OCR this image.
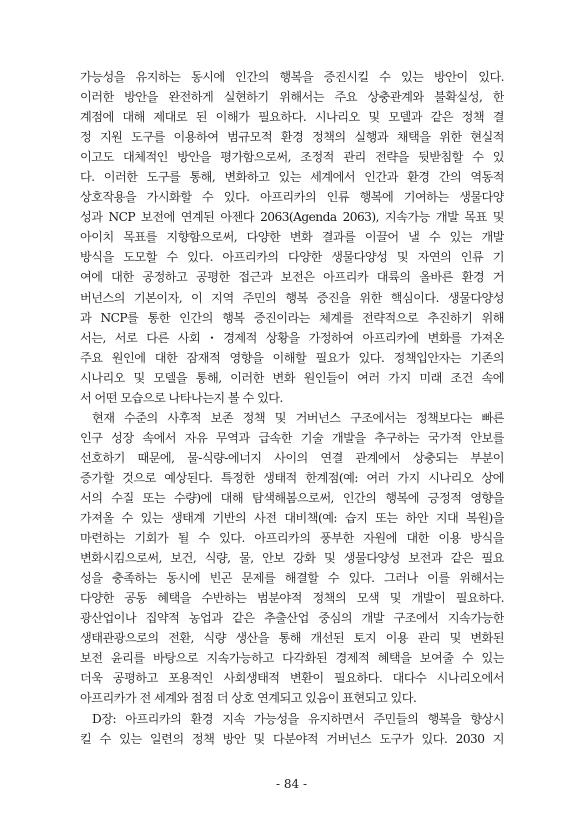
가능성을 유지하는 동시에 인간의 행복을 증진시킬 수 있는 방안이 있다.
이러한 방안을 완전하게 실현하기 위해서는 주요 상충관계와 불확실성, 한
계점에 대해 제대로 된 이해가 필요하다. 시나리오 및 모델과 같은 정책 결
정 지원 도구를 이용하여 범규모적 환경 정책의 실행과 채택을 위한 현실적
이고도 대체적인 방안을 평가함으로써, 조정적 관리 전략을 뒷받침할 수 있
다. 이러한 도구를 통해, 변화하고 있는 세계에서 인간과 환경 간의 역동적
상호작용을 가시화할 수 있다. 아프리카의 인류 행복에 기여하는 생물다양
성과 NCP 보전에 연계된 아젠다 2063(Agenda 2063), 지속가능 개발 목표 및
아이치 목표를 지향함으로써, 다양한 변화 결과를 이끌어 낼 수 있는 개발
방식을 도모할 수 있다. 아프리카의 다양한 생물다양성 및 자연의 인류 기
여에 대한 공정하고 공평한 접근과 보전은 아프리카 대륙의 올바른 환경 거
버넌스의 기본이자, 이 지역 주민의 행복 증진을 위한 핵심이다. 생물다양성
과 NCP를 통한 인간의 행복 증진이라는 체계를 전략적으로 추진하기 위해
서는, 서로 다른 사회・경제적 상황을 가정하여 아프리카에 변화를 가져온
주요 원인에 대한 잠재적 영향을 이해할 필요가 있다. 정책입안자는 기존의
시나리오 및 모델을 통해, 이러한 변화 원인들이 여러 가지 미래 조건 속에
서 어떤 모습으로 나타나는지 볼 수 있다.
현재 수준의 사후적 보존 정책 및 거버넌스 구조에서는 정책보다는 빠른
인구 성장 속에서 자유 무역과 급속한 기술 개발을 추구하는 국가적 안보를
선호하기 때문에, 물-식량-에너지 사이의 연결 관계에서 상충되는 부분이
증가할 것으로 예상된다. 특정한 생태적 한계점(예: 여러 가지 시나리오 상에
서의 수질 또는 수량)에 대해 탐색해봄으로써, 인간의 행복에 긍정적 영향을
가져올 수 있는 생태계 기반의 사전 대비책(예: 습지 또는 하안 지대 복원)을
마련하는 기회가 될 수 있다. 아프리카의 풍부한 자원에 대한 이용 방식을
변화시킴으로써, 보건, 식량, 물, 안보 강화 및 생물다양성 보전과 같은 필요
성을 충족하는 동시에 빈곤 문제를 해결할 수 있다. 그러나 이를 위해서는
다양한 공동 혜택을 수반하는 범분야적 정책의 모색 및 개발이 필요하다.
광산업이나 집약적 농업과 같은 추출산업 중심의 개발 구조에서 지속가능한
생태관광으로의 전환, 식량 생산을 통해 개선된 토지 이용 관리 및 변화된
보전 윤리를 바탕으로 지속가능하고 다각화된 경제적 혜택을 보여줄 수 있는
더욱 공평하고 포용적인 사회생태적 변환이 필요하다. 대다수 시나리오에서
아프리카가 전 세계와 점점 더 상호 연계되고 있음이 표현되고 있다.
D장: 아프리카의 환경 지속 가능성을 유지하면서 주민들의 행복을 향상시
킬 수 있는 일련의 정책 방안 및 다분야적 거버넌스 도구가 있다. 2030 지
- 84 -
